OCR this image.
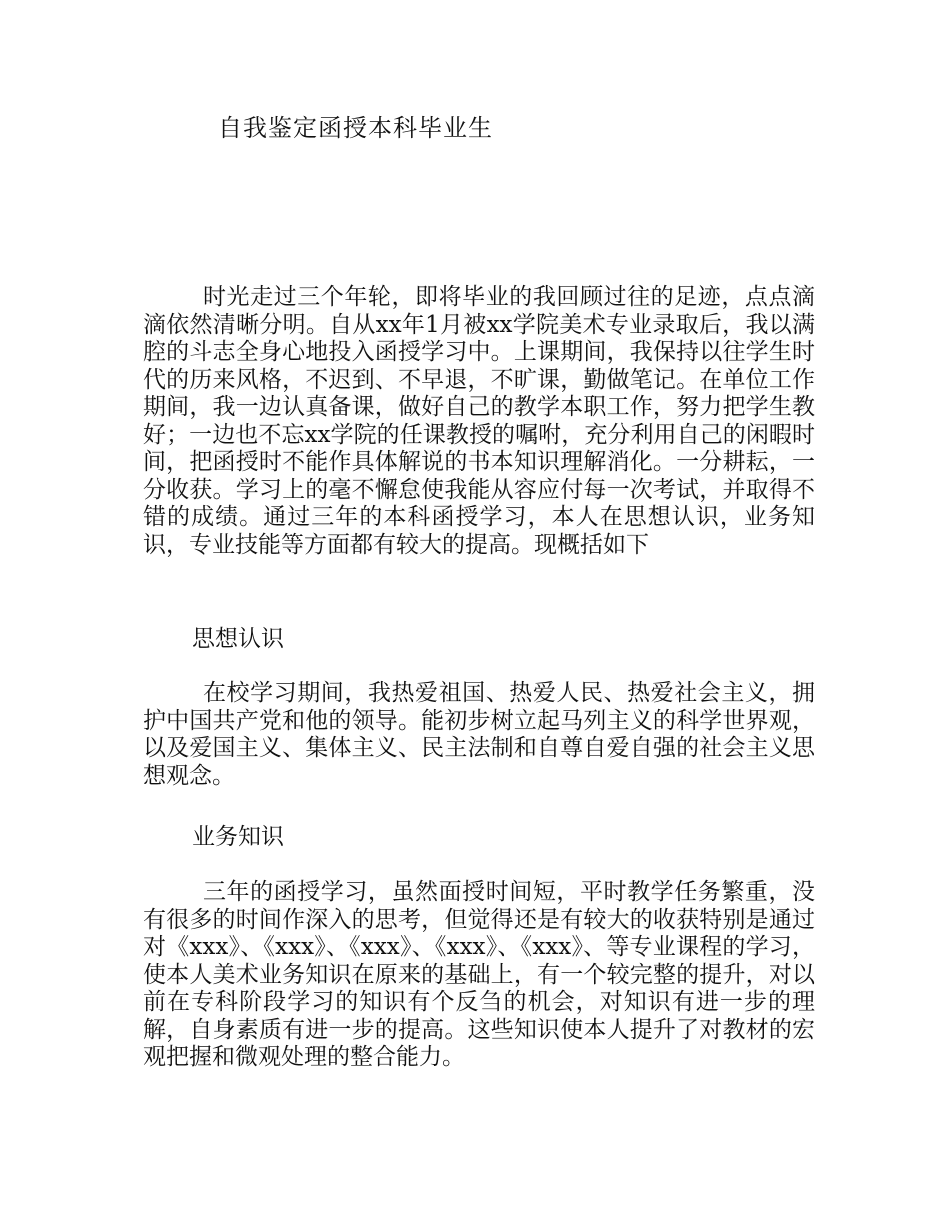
自我鉴定函授本科毕业生

时光走过三个年轮，即将毕业的我回顾过往的足迹，点点滴滴依然清晰分明。自从xx年1月被xx学院美术专业录取后，我以满腔的斗志全身心地投入函授学习中。上课期间，我保持以往学生时代的历来风格，不迟到、不早退，不旷课，勤做笔记。在单位工作期间，我一边认真备课，做好自己的教学本职工作，努力把学生教好；一边也不忘xx学院的任课教授的嘱咐，充分利用自己的闲暇时间，把函授时不能作具体解说的书本知识理解消化。一分耕耘，一分收获。学习上的毫不懈怠使我能从容应付每一次考试，并取得不错的成绩。通过三年的本科函授学习，本人在思想认识，业务知识，专业技能等方面都有较大的提高。现概括如下

思想认识

在校学习期间，我热爱祖国、热爱人民、热爱社会主义，拥护中国共产党和他的领导。能初步树立起马列主义的科学世界观，以及爱国主义、集体主义、民主法制和自尊自爱自强的社会主义思想观念。

业务知识

三年的函授学习，虽然面授时间短，平时教学任务繁重，没有很多的时间作深入的思考，但觉得还是有较大的收获特别是通过对《xxx》、《xxx》、《xxx》、《xxx》、《xxx》、等专业课程的学习，使本人美术业务知识在原来的基础上，有一个较完整的提升，对以前在专科阶段学习的知识有个反刍的机会，对知识有进一步的理解，自身素质有进一步的提高。这些知识使本人提升了对教材的宏观把握和微观处理的整合能力。
